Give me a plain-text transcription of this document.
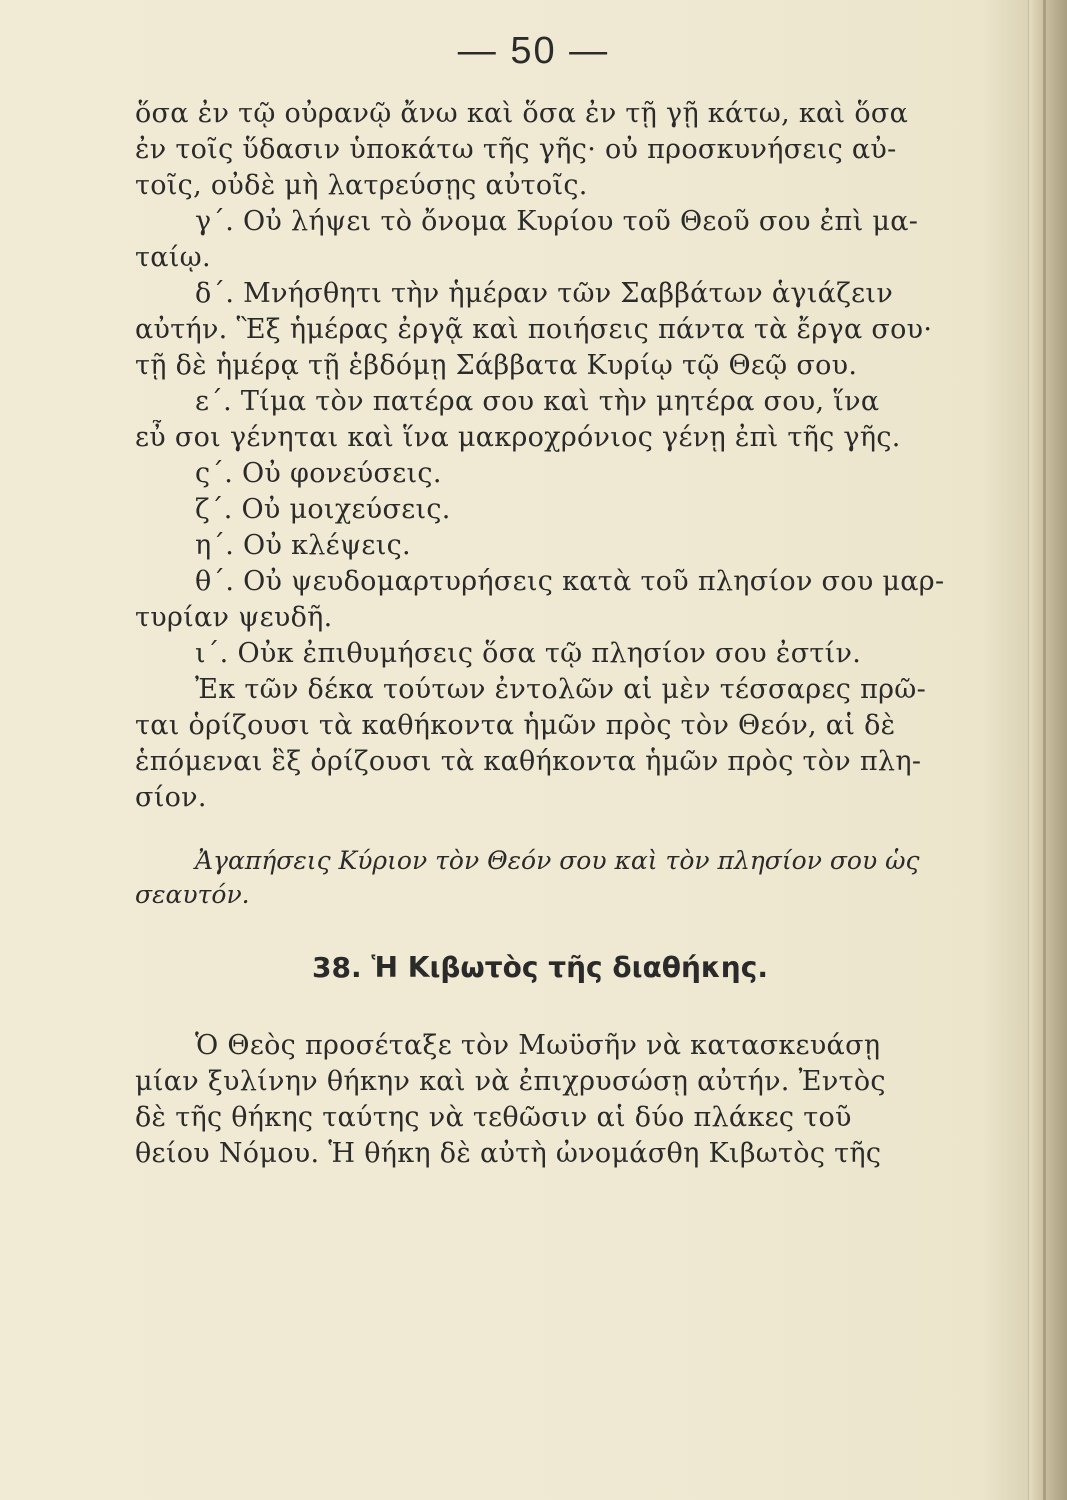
— 50 —
ὅσα ἐν τῷ οὐρανῷ ἄνω καὶ ὅσα ἐν τῇ γῇ κάτω, καὶ ὅσα
ἐν τοῖς ὕδασιν ὑποκάτω τῆς γῆς· οὐ προσκυνήσεις αὐ-
τοῖς, οὐδὲ μὴ λατρεύσῃς αὐτοῖς.
γ΄. Οὐ λήψει τὸ ὄνομα Κυρίου τοῦ Θεοῦ σου ἐπὶ μα-
ταίῳ.
δ΄. Μνήσθητι τὴν ἡμέραν τῶν Σαββάτων ἁγιάζειν
αὐτήν. Ἓξ ἡμέρας ἐργᾷ καὶ ποιήσεις πάντα τὰ ἔργα σου·
τῇ δὲ ἡμέρᾳ τῇ ἑβδόμῃ Σάββατα Κυρίῳ τῷ Θεῷ σου.
ε΄. Τίμα τὸν πατέρα σου καὶ τὴν μητέρα σου, ἵνα
εὖ σοι γένηται καὶ ἵνα μακροχρόνιος γένῃ ἐπὶ τῆς γῆς.
ς΄. Οὐ φονεύσεις.
ζ΄. Οὐ μοιχεύσεις.
η΄. Οὐ κλέψεις.
θ΄. Οὐ ψευδομαρτυρήσεις κατὰ τοῦ πλησίον σου μαρ-
τυρίαν ψευδῆ.
ι΄. Οὐκ ἐπιθυμήσεις ὅσα τῷ πλησίον σου ἐστίν.
Ἐκ τῶν δέκα τούτων ἐντολῶν αἱ μὲν τέσσαρες πρῶ-
ται ὁρίζουσι τὰ καθήκοντα ἡμῶν πρὸς τὸν Θεόν, αἱ δὲ
ἑπόμεναι ἓξ ὁρίζουσι τὰ καθήκοντα ἡμῶν πρὸς τὸν πλη-
σίον.
Ἀγαπήσεις Κύριον τὸν Θεόν σου καὶ τὸν πλησίον σου ὡς
σεαυτόν.
38. Ἡ Κιβωτὸς τῆς διαθήκης.
Ὁ Θεὸς προσέταξε τὸν Μωϋσῆν νὰ κατασκευάσῃ
μίαν ξυλίνην θήκην καὶ νὰ ἐπιχρυσώσῃ αὐτήν. Ἐντὸς
δὲ τῆς θήκης ταύτης νὰ τεθῶσιν αἱ δύο πλάκες τοῦ
θείου Νόμου. Ἡ θήκη δὲ αὐτὴ ὠνομάσθη Κιβωτὸς τῆς
